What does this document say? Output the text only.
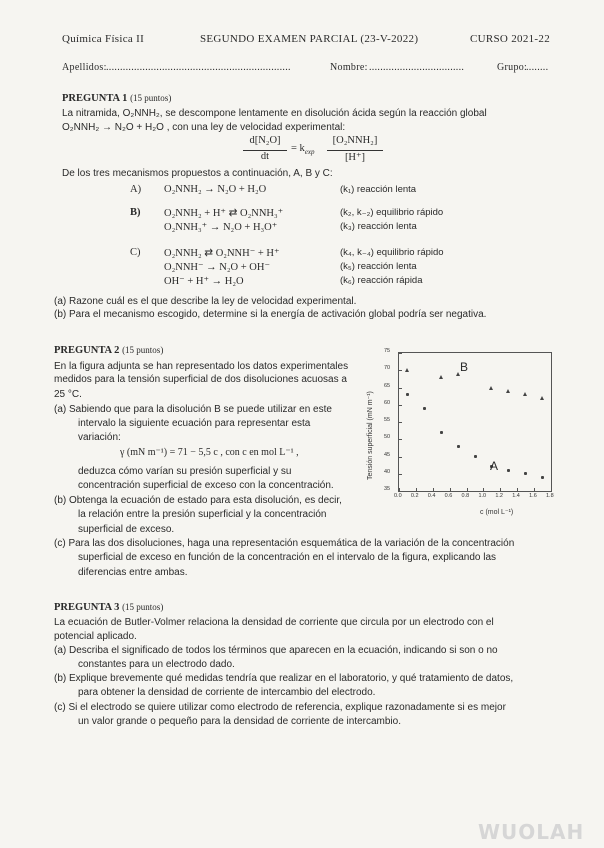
Química Física II	SEGUNDO EXAMEN PARCIAL (23-V-2022)	CURSO 2021-22
Apellidos: ..................................................................	Nombre: ..................................	Grupo:
........
PREGUNTA 1 (15 puntos)
La nitramida, O₂NNH₂, se descompone lentamente en disolución ácida según la reacción global
O₂NNH₂ → N₂O + H₂O , con una ley de velocidad experimental:
d[N₂O]
dt
= $k_{exp}$
[O₂NNH₂]
[H⁺]
De los tres mecanismos propuestos a continuación, A, B y C:
A) O₂NNH₂ → N₂O + H₂O	(k₁) reacción lenta
B) O₂NNH₂ + H⁺ ⇄ O₂NNH₃⁺	(k₂, k₋₂) equilibrio rápido
O₂NNH₃⁺ → N₂O + H₃O⁺	(k₃) reacción lenta
C) O₂NNH₂ ⇄ O₂NNH⁻ + H⁺	(k₄, k₋₄) equilibrio rápido
O₂NNH⁻ → N₂O + OH⁻	(k₅) reacción lenta
OH⁻ + H⁺ → H₂O	(k₆) reacción rápida
(a) Razone cuál es el que describe la ley de velocidad experimental.
(b) Para el mecanismo escogido, determine si la energía de activación global podría ser negativa.
PREGUNTA 2 (15 puntos)
En la figura adjunta se han representado los datos experimentales
medidos para la tensión superficial de dos disoluciones acuosas a
25 °C.
(a) Sabiendo que para la disolución B se puede utilizar en este
intervalo la siguiente ecuación para representar esta
variación:
γ (mN m⁻¹) = 71 − 5,5 c , con c en mol L⁻¹ ,
deduzca cómo varían su presión superficial y su
concentración superficial de exceso con la concentración.
(b) Obtenga la ecuación de estado para esta disolución, es decir,
la relación entre la presión superficial y la concentración
superficial de exceso.
(c) Para las dos disoluciones, haga una representación esquemática de la variación de la concentración
superficial de exceso en función de la concentración en el intervalo de la figura, explicando las
diferencias entre ambas.
Tensión superficial (mN m⁻¹)
c (mol L⁻¹)
B
A
35
40
45
50
55
60
65
70
75
0.0 0.2 0.4 0.6 0.8 1.0 1.2 1.4 1.6 1.8
PREGUNTA 3 (15 puntos)
La ecuación de Butler-Volmer relaciona la densidad de corriente que circula por un electrodo con el
potencial aplicado.
(a) Describa el significado de todos los términos que aparecen en la ecuación, indicando si son o no
constantes para un electrodo dado.
(b) Explique brevemente qué medidas tendría que realizar en el laboratorio, y qué tratamiento de datos,
para obtener la densidad de corriente de intercambio del electrodo.
(c) Si el electrodo se quiere utilizar como electrodo de referencia, explique razonadamente si es mejor
un valor grande o pequeño para la densidad de corriente de intercambio.
WUOLAH
